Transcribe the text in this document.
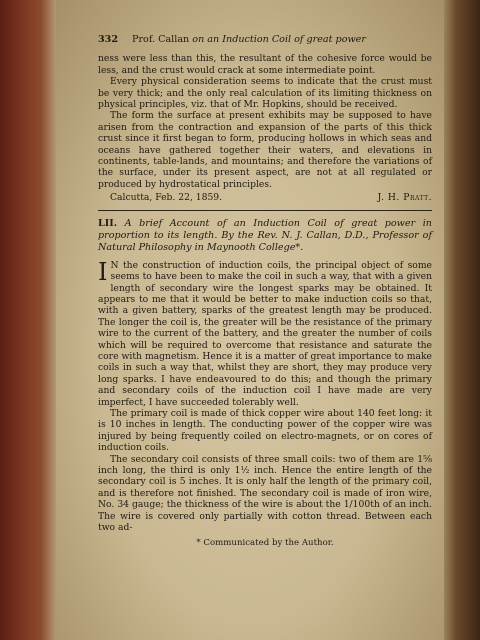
332	Prof. Callan on an Induction Coil of great power

ness were less than this, the resultant of the cohesive force would be less, and the crust would crack at some intermediate point.

Every physical consideration seems to indicate that the crust must be very thick; and the only real calculation of its limiting thickness on physical principles, viz. that of Mr. Hopkins, should be received.

The form the surface at present exhibits may be supposed to have arisen from the contraction and expansion of the parts of this thick crust since it first began to form, producing hollows in which seas and oceans have gathered together their waters, and elevations in continents, table-lands, and mountains; and therefore the variations of the surface, under its present aspect, are not at all regulated or produced by hydrostatical principles.

Calcutta, Feb. 22, 1859.	J. H. Pratt.
LII. A brief Account of an Induction Coil of great power in proportion to its length. By the Rev. N. J. Callan, D.D., Professor of Natural Philosophy in Maynooth College*.

I N the construction of induction coils, the principal object of some seems to have been to make the coil in such a way, that with a given length of secondary wire the longest sparks may be obtained. It appears to me that it would be better to make induction coils so that, with a given battery, sparks of the greatest length may be produced. The longer the coil is, the greater will be the resistance of the primary wire to the current of the battery, and the greater the number of coils which will be required to overcome that resistance and saturate the core with magnetism. Hence it is a matter of great importance to make coils in such a way that, whilst they are short, they may produce very long sparks. I have endeavoured to do this; and though the primary and secondary coils of the induction coil I have made are very imperfect, I have succeeded tolerably well.

The primary coil is made of thick copper wire about 140 feet long: it is 10 inches in length. The conducting power of the copper wire was injured by being frequently coiled on electro-magnets, or on cores of induction coils.

The secondary coil consists of three small coils: two of them are 1⅝ inch long, the third is only 1½ inch. Hence the entire length of the secondary coil is 5 inches. It is only half the length of the primary coil, and is therefore not finished. The secondary coil is made of iron wire, No. 34 gauge; the thickness of the wire is about the 1/100th of an inch. The wire is covered only partially with cotton thread. Between each two ad-

* Communicated by the Author.
